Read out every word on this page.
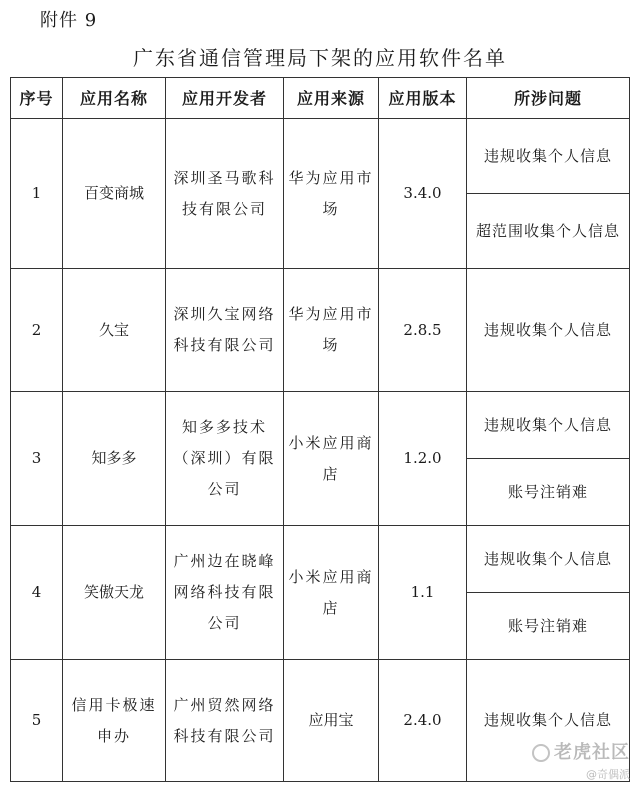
附件 9
广东省通信管理局下架的应用软件名单
序号	应用名称	应用开发者	应用来源	应用版本	所涉问题
1	百变商城	深圳圣马歌科技有限公司	华为应用市场	3.4.0	违规收集个人信息
					超范围收集个人信息
2	久宝	深圳久宝网络科技有限公司	华为应用市场	2.8.5	违规收集个人信息
3	知多多	知多多技术（深圳）有限公司	小米应用商店	1.2.0	违规收集个人信息
					账号注销难
4	笑傲天龙	广州边在晓峰网络科技有限公司	小米应用商店	1.1	违规收集个人信息
					账号注销难
5	信用卡极速申办	广州贸然网络科技有限公司	应用宝	2.4.0	违规收集个人信息
老虎社区
@奇偶派
